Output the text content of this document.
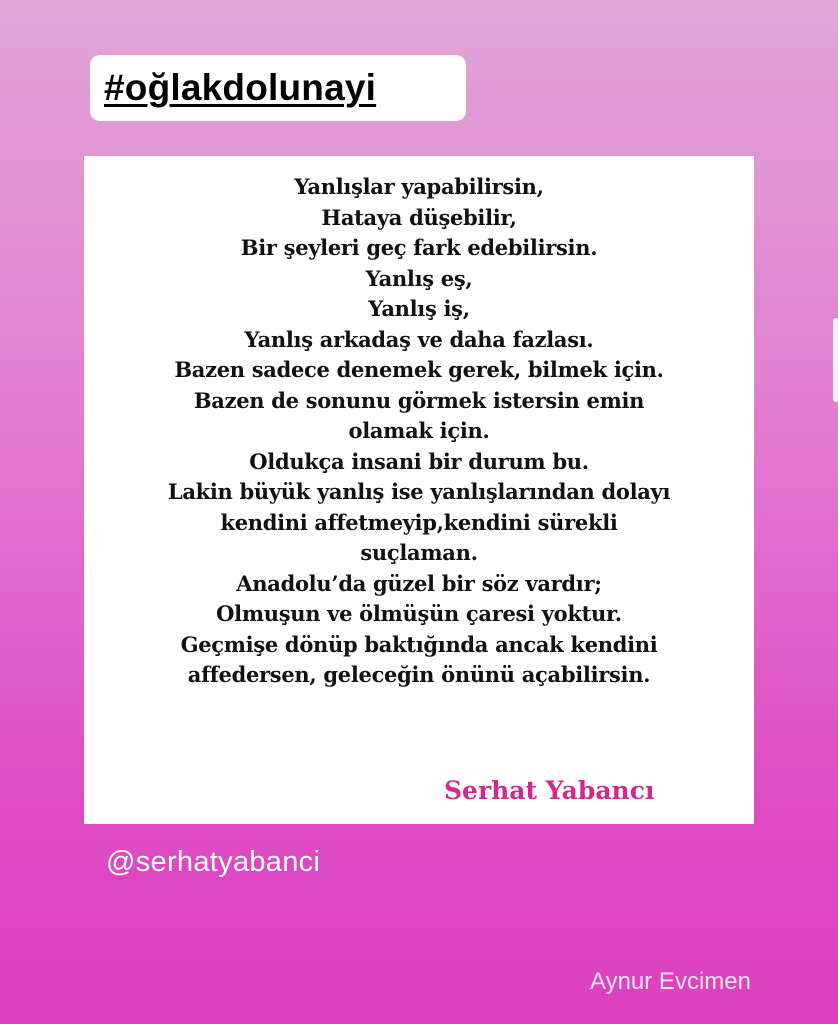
#oğlakdolunayi
Yanlışlar yapabilirsin,
Hataya düşebilir,
Bir şeyleri geç fark edebilirsin.
Yanlış eş,
Yanlış iş,
Yanlış arkadaş ve daha fazlası.
Bazen sadece denemek gerek, bilmek için.
Bazen de sonunu görmek istersin emin
olamak için.
Oldukça insani bir durum bu.
Lakin büyük yanlış ise yanlışlarından dolayı
kendini affetmeyip,kendini sürekli
suçlaman.
Anadolu’da güzel bir söz vardır;
Olmuşun ve ölmüşün çaresi yoktur.
Geçmişe dönüp baktığında ancak kendini
affedersen, geleceğin önünü açabilirsin.
Serhat Yabancı
@serhatyabanci
Aynur Evcimen
